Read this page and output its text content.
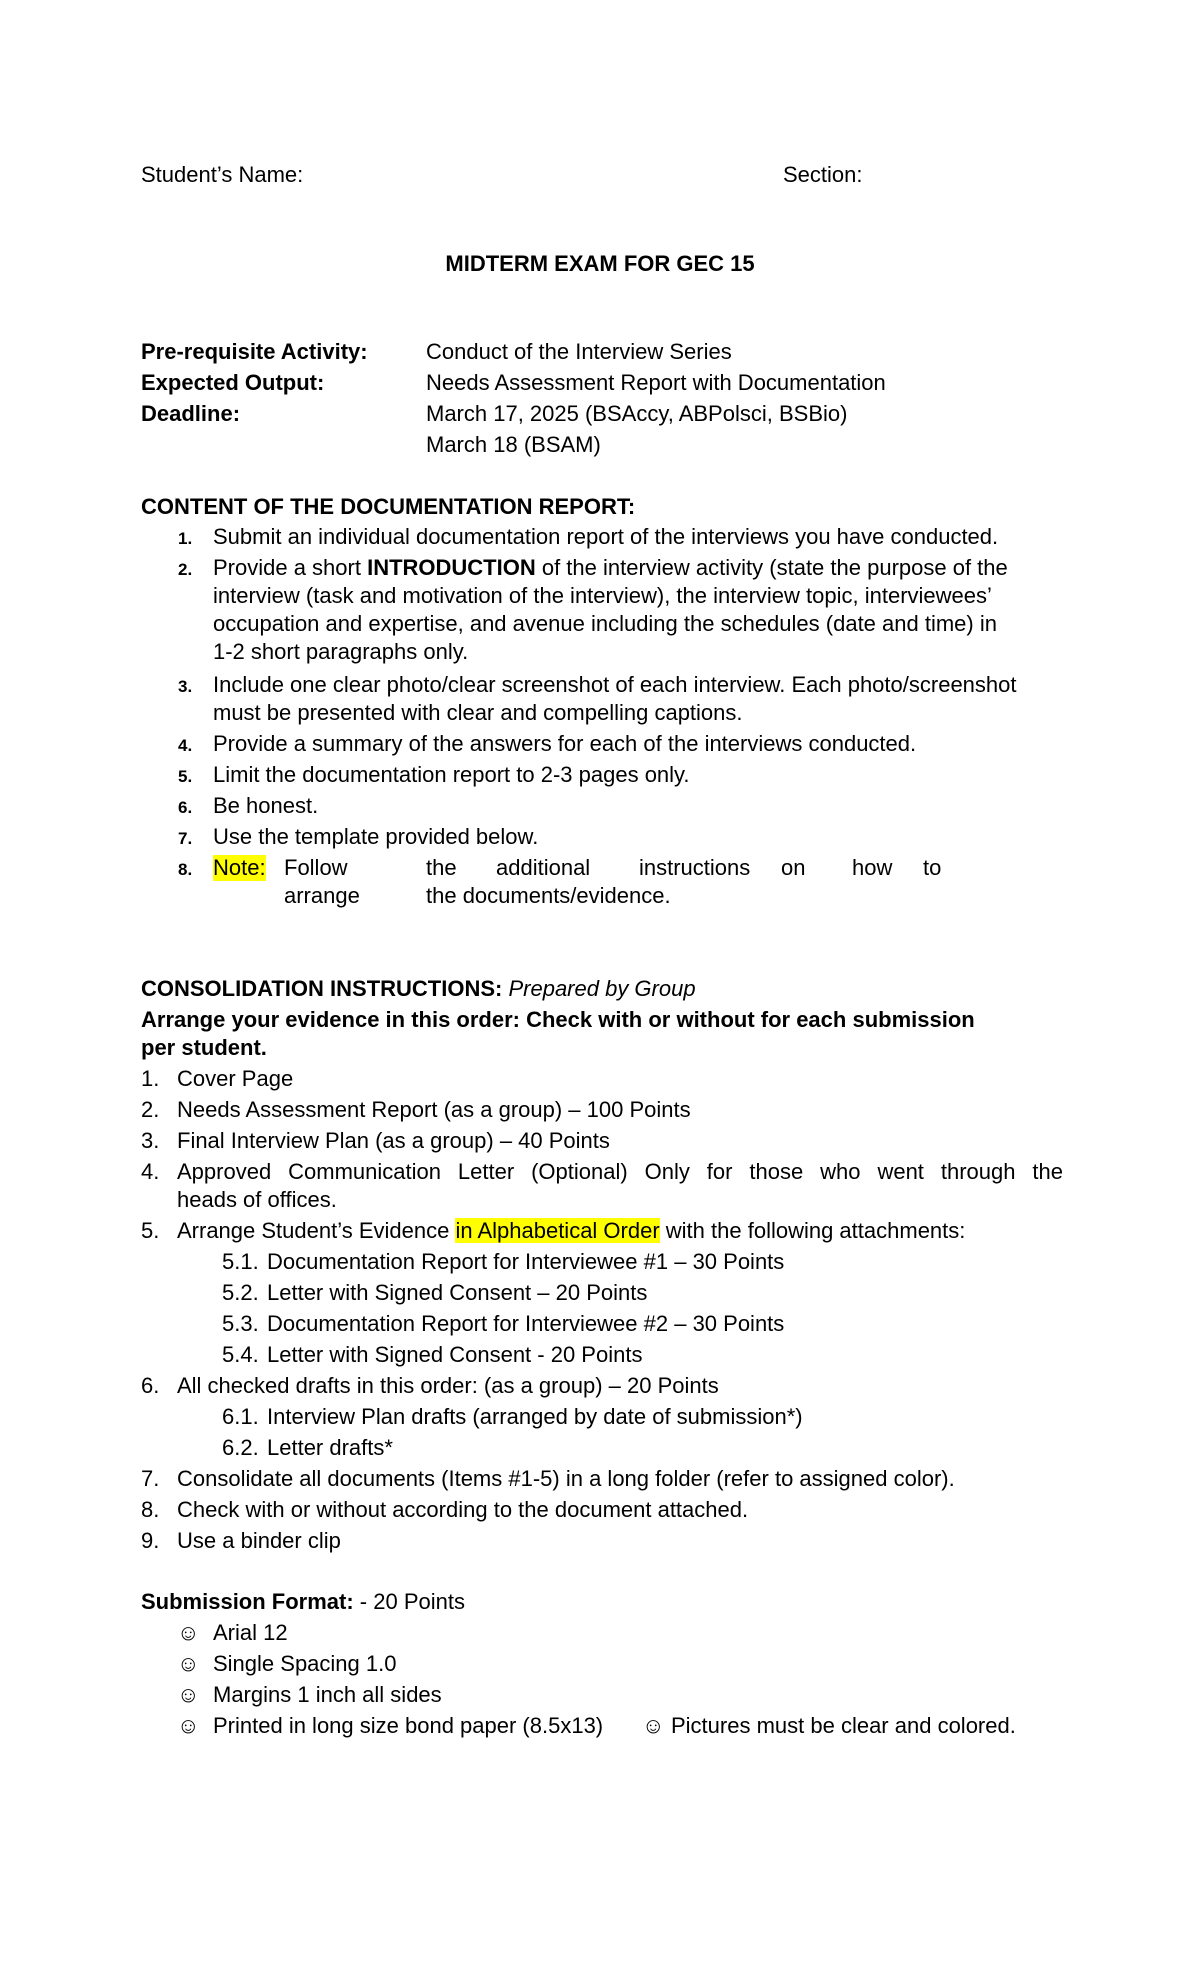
Student’s Name:	Section:
MIDTERM EXAM FOR GEC 15
Pre-requisite Activity:	Conduct of the Interview Series
Expected Output:	Needs Assessment Report with Documentation
Deadline:	March 17, 2025 (BSAccy, ABPolsci, BSBio)
March 18 (BSAM)
CONTENT OF THE DOCUMENTATION REPORT:
1. Submit an individual documentation report of the interviews you have conducted.
2. Provide a short INTRODUCTION of the interview activity (state the purpose of the
interview (task and motivation of the interview), the interview topic, interviewees’
occupation and expertise, and avenue including the schedules (date and time) in
1-2 short paragraphs only.
3. Include one clear photo/clear screenshot of each interview. Each photo/screenshot
must be presented with clear and compelling captions.
4. Provide a summary of the answers for each of the interviews conducted.
5. Limit the documentation report to 2-3 pages only.
6. Be honest.
7. Use the template provided below.
8. Note: Follow	the additional instructions on how to
arrange	the documents/evidence.
CONSOLIDATION INSTRUCTIONS: Prepared by Group
Arrange your evidence in this order: Check with or without for each submission
per student.
1. Cover Page
2. Needs Assessment Report (as a group) – 100 Points
3. Final Interview Plan (as a group) – 40 Points
4. Approved Communication Letter (Optional) Only for those who went through the
heads of offices.
5. Arrange Student’s Evidence in Alphabetical Order with the following attachments:
5.1. Documentation Report for Interviewee #1 – 30 Points
5.2. Letter with Signed Consent – 20 Points
5.3. Documentation Report for Interviewee #2 – 30 Points
5.4. Letter with Signed Consent - 20 Points
6. All checked drafts in this order: (as a group) – 20 Points
6.1. Interview Plan drafts (arranged by date of submission*)
6.2. Letter drafts*
7. Consolidate all documents (Items #1-5) in a long folder (refer to assigned color).
8. Check with or without according to the document attached.
9. Use a binder clip
Submission Format: - 20 Points
☺ Arial 12
☺ Single Spacing 1.0
☺ Margins 1 inch all sides
☺ Printed in long size bond paper (8.5x13) ☺ Pictures must be clear and colored.
